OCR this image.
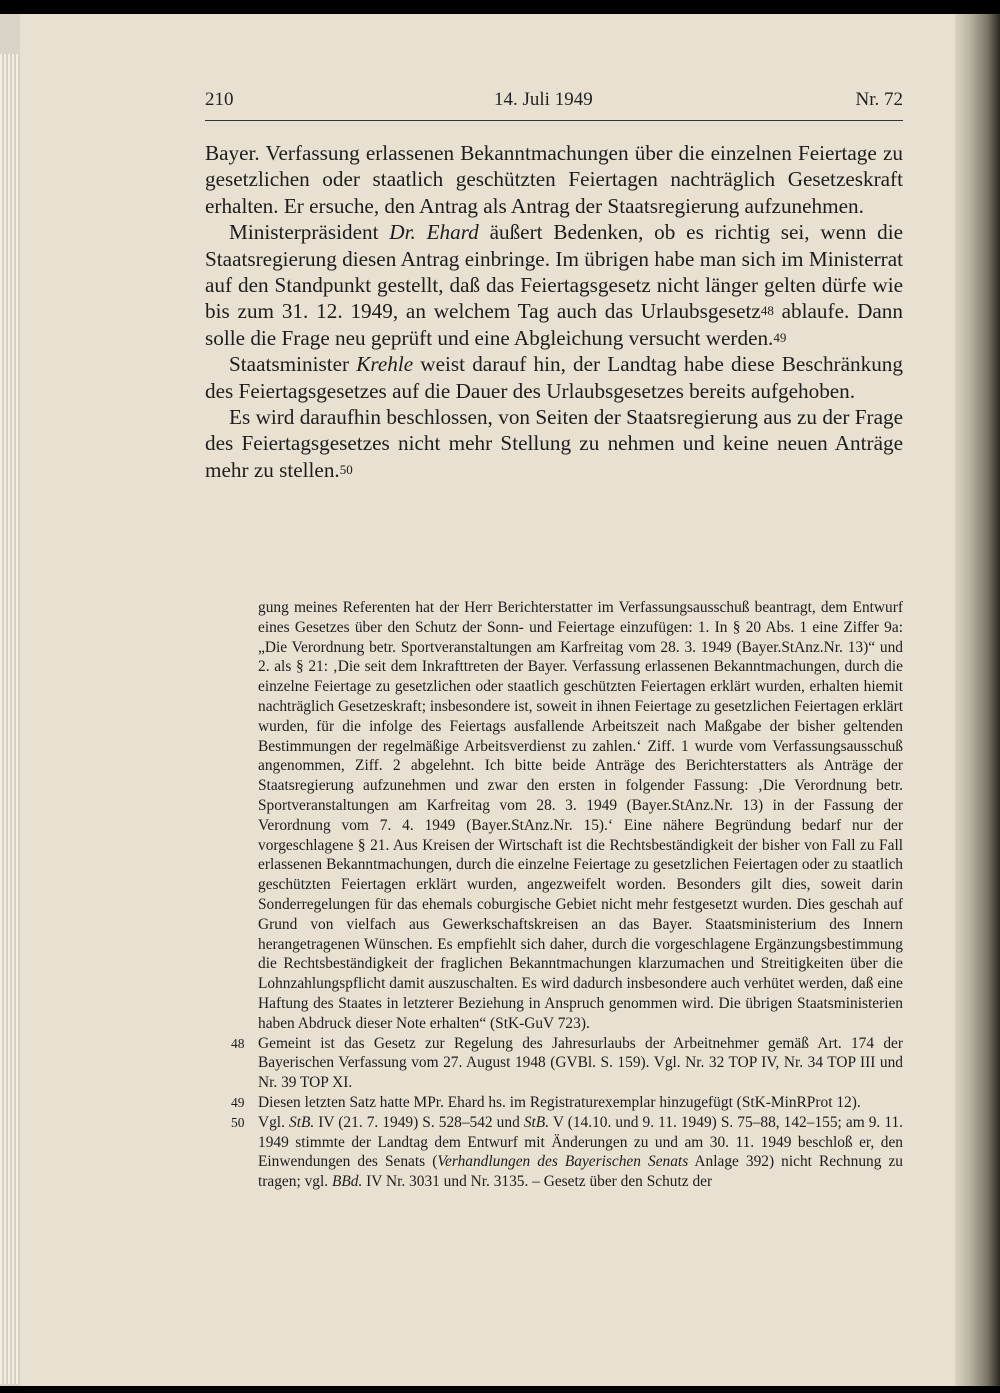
210	14. Juli 1949	Nr. 72

Bayer. Verfassung erlassenen Bekanntmachungen über die einzelnen Feiertage zu gesetzlichen oder staatlich geschützten Feiertagen nachträglich Gesetzeskraft erhalten. Er ersuche, den Antrag als Antrag der Staatsregierung aufzunehmen.

Ministerpräsident Dr. Ehard äußert Bedenken, ob es richtig sei, wenn die Staatsregierung diesen Antrag einbringe. Im übrigen habe man sich im Ministerrat auf den Standpunkt gestellt, daß das Feiertagsgesetz nicht länger gelten dürfe wie bis zum 31. 12. 1949, an welchem Tag auch das Urlaubsgesetz$^{48}$ ablaufe. Dann solle die Frage neu geprüft und eine Abgleichung versucht werden.$^{49}$

Staatsminister Krehle weist darauf hin, der Landtag habe diese Beschränkung des Feiertagsgesetzes auf die Dauer des Urlaubsgesetzes bereits aufgehoben.

Es wird daraufhin beschlossen, von Seiten der Staatsregierung aus zu der Frage des Feiertagsgesetzes nicht mehr Stellung zu nehmen und keine neuen Anträge mehr zu stellen.$^{50}$

gung meines Referenten hat der Herr Berichterstatter im Verfassungsausschuß beantragt, dem Entwurf eines Gesetzes über den Schutz der Sonn- und Feiertage einzufügen: 1. In § 20 Abs. 1 eine Ziffer 9a: „Die Verordnung betr. Sportveranstaltungen am Karfreitag vom 28. 3. 1949 (Bayer.StAnz.Nr. 13)“ und 2. als § 21: ‚Die seit dem Inkrafttreten der Bayer. Verfassung erlassenen Bekanntmachungen, durch die einzelne Feiertage zu gesetzlichen oder staatlich geschützten Feiertagen erklärt wurden, erhalten hiemit nachträglich Gesetzeskraft; insbesondere ist, soweit in ihnen Feiertage zu gesetzlichen Feiertagen erklärt wurden, für die infolge des Feiertags ausfallende Arbeitszeit nach Maßgabe der bisher geltenden Bestimmungen der regelmäßige Arbeitsverdienst zu zahlen.‘ Ziff. 1 wurde vom Verfassungsausschuß angenommen, Ziff. 2 abgelehnt. Ich bitte beide Anträge des Berichterstatters als Anträge der Staatsregierung aufzunehmen und zwar den ersten in folgender Fassung: ‚Die Verordnung betr. Sportveranstaltungen am Karfreitag vom 28. 3. 1949 (Bayer.StAnz.Nr. 13) in der Fassung der Verordnung vom 7. 4. 1949 (Bayer.StAnz.Nr. 15).‘ Eine nähere Begründung bedarf nur der vorgeschlagene § 21. Aus Kreisen der Wirtschaft ist die Rechtsbeständigkeit der bisher von Fall zu Fall erlassenen Bekanntmachungen, durch die einzelne Feiertage zu gesetzlichen Feiertagen oder zu staatlich geschützten Feiertagen erklärt wurden, angezweifelt worden. Besonders gilt dies, soweit darin Sonderregelungen für das ehemals coburgische Gebiet nicht mehr festgesetzt wurden. Dies geschah auf Grund von vielfach aus Gewerkschaftskreisen an das Bayer. Staatsministerium des Innern herangetragenen Wünschen. Es empfiehlt sich daher, durch die vorgeschlagene Ergänzungsbestimmung die Rechtsbeständigkeit der fraglichen Bekanntmachungen klarzumachen und Streitigkeiten über die Lohnzahlungspflicht damit auszuschalten. Es wird dadurch insbesondere auch verhütet werden, daß eine Haftung des Staates in letzterer Beziehung in Anspruch genommen wird. Die übrigen Staatsministerien haben Abdruck dieser Note erhalten“ (StK-GuV 723).

48 Gemeint ist das Gesetz zur Regelung des Jahresurlaubs der Arbeitnehmer gemäß Art. 174 der Bayerischen Verfassung vom 27. August 1948 (GVBl. S. 159). Vgl. Nr. 32 TOP IV, Nr. 34 TOP III und Nr. 39 TOP XI.

49 Diesen letzten Satz hatte MPr. Ehard hs. im Registraturexemplar hinzugefügt (StK-MinRProt 12).

50 Vgl. StB. IV (21. 7. 1949) S. 528–542 und StB. V (14.10. und 9. 11. 1949) S. 75–88, 142–155; am 9. 11. 1949 stimmte der Landtag dem Entwurf mit Änderungen zu und am 30. 11. 1949 beschloß er, den Einwendungen des Senats (Verhandlungen des Bayerischen Senats Anlage 392) nicht Rechnung zu tragen; vgl. BBd. IV Nr. 3031 und Nr. 3135. – Gesetz über den Schutz der
